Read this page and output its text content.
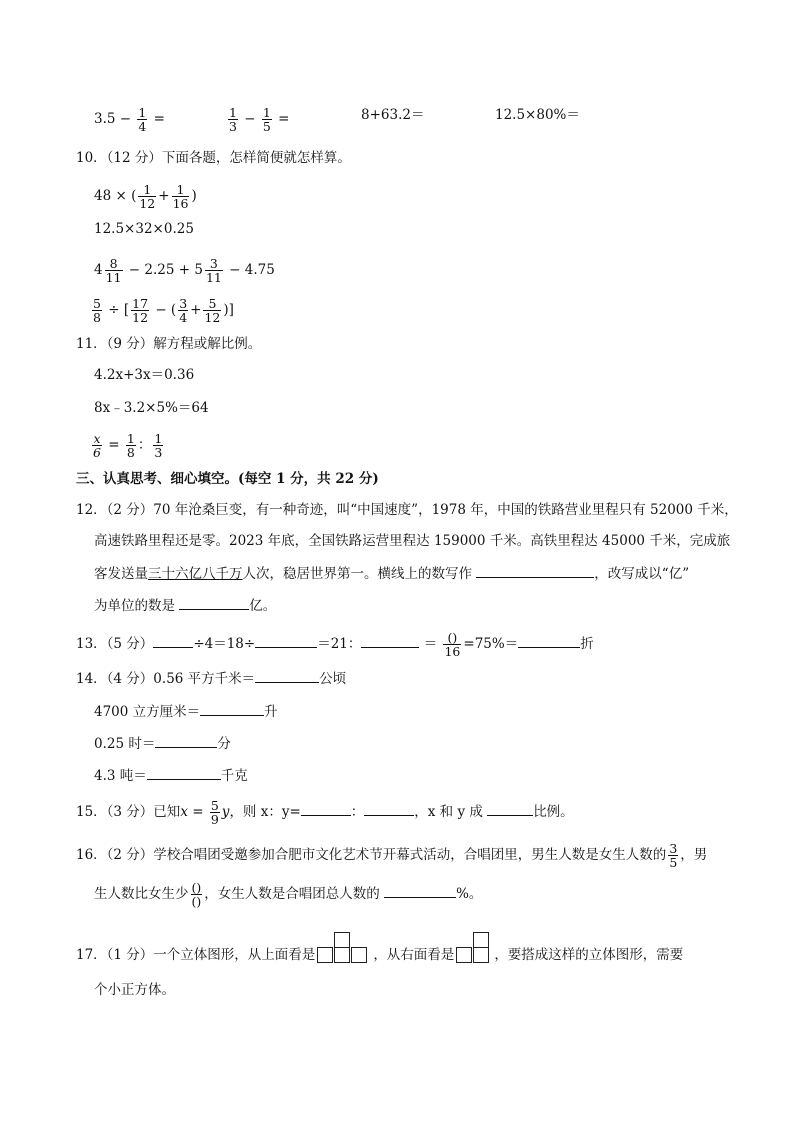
$3.5 - \frac{1}{4}$ =	$\frac{1}{3} - \frac{1}{5}$ =	8+63.2＝	12.5×80%＝
10．（12 分）下面各题，怎样简便就怎样算。
48 × ( $\frac{1}{12} + \frac{1}{16}$ )
12.5×32×0.25
$4 \frac{8}{11} - 2.25 + 5 \frac{3}{11} - 4.75$
$\frac{5}{8}$ ÷ [ $\frac{17}{12}$ − ( $\frac{3}{4} + \frac{5}{12}$ )]
11．（9 分）解方程或解比例。
4.2x+3x＝0.36
8x﹣3.2×5%＝64
$\frac{x}{6} = \frac{1}{8}$ ： $\frac{1}{3}$
三、认真思考、细心填空。(每空 1 分，共 22 分)
12．（2 分）70 年沧桑巨变，有一种奇迹，叫“中国速度”，1978 年，中国的铁路营业里程只有 52000 千米，
高速铁路里程还是零。2023 年底，全国铁路运营里程达 159000 千米。高铁里程达 45000 千米，完成旅
客发送量三十六亿八千万人次，稳居世界第一。横线上的数写作	，改写成以“亿”
为单位的数是	亿。
13．（5 分）	÷4＝18÷	＝21：	＝ $\frac{()}{16} =75\%=$	折
14．（4 分）0.56 平方千米＝	公顷
4700 立方厘米＝	升
0.25 时＝	分
4.3 吨＝	千克
15．（3 分）已知$x = \frac{5}{9}$ y，则 x：y=	：	，x 和 y 成	比例。
16．（2 分）学校合唱团受邀参加合肥市文化艺术节开幕式活动，合唱团里，男生人数是女生人数的 $\frac{3}{5}$ ，男
生人数比女生少 $\frac{()}{()}$ ，女生人数是合唱团总人数的	%。
17．（1 分）一个立体图形，从上面看是	，从右面看是	，要搭成这样的立体图形，需要
个小正方体。
